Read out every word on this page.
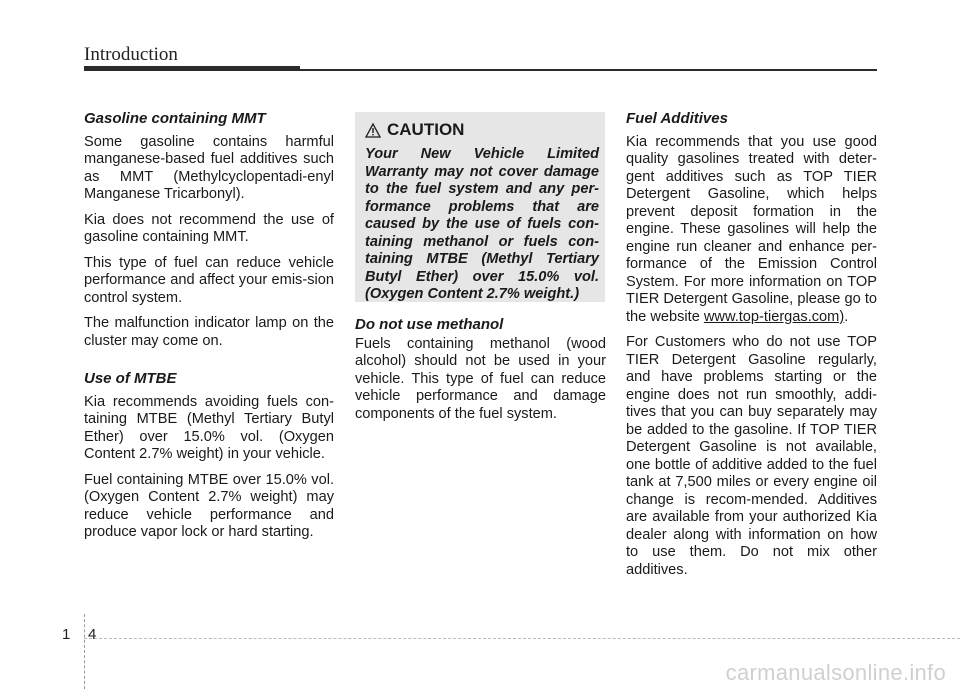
Introduction
Gasoline containing MMT

Some gasoline contains harmful manganese-based fuel additives such as MMT (Methylcyclopentadi-enyl Manganese Tricarbonyl).

Kia does not recommend the use of gasoline containing MMT.

This type of fuel can reduce vehicle performance and affect your emis-sion control system.

The malfunction indicator lamp on the cluster may come on.

Use of MTBE

Kia recommends avoiding fuels con-taining MTBE (Methyl Tertiary Butyl Ether) over 15.0% vol. (Oxygen Content 2.7% weight) in your vehicle.

Fuel containing MTBE over 15.0% vol. (Oxygen Content 2.7% weight) may reduce vehicle performance and produce vapor lock or hard starting.

CAUTION
Your New Vehicle Limited Warranty may not cover damage to the fuel system and any per-formance problems that are caused by the use of fuels con-taining methanol or fuels con-taining MTBE (Methyl Tertiary Butyl Ether) over 15.0% vol. (Oxygen Content 2.7% weight.)
Do not use methanol

Fuels containing methanol (wood alcohol) should not be used in your vehicle. This type of fuel can reduce vehicle performance and damage components of the fuel system.

Fuel Additives

Kia recommends that you use good quality gasolines treated with deter-gent additives such as TOP TIER Detergent Gasoline, which helps prevent deposit formation in the engine. These gasolines will help the engine run cleaner and enhance per-formance of the Emission Control System. For more information on TOP TIER Detergent Gasoline, please go to the website www.top-tiergas.com).

For Customers who do not use TOP TIER Detergent Gasoline regularly, and have problems starting or the engine does not run smoothly, addi-tives that you can buy separately may be added to the gasoline. If TOP TIER Detergent Gasoline is not available, one bottle of additive added to the fuel tank at 7,500 miles or every engine oil change is recom-mended. Additives are available from your authorized Kia dealer along with information on how to use them. Do not mix other additives.

1 4
carmanualsonline.info
